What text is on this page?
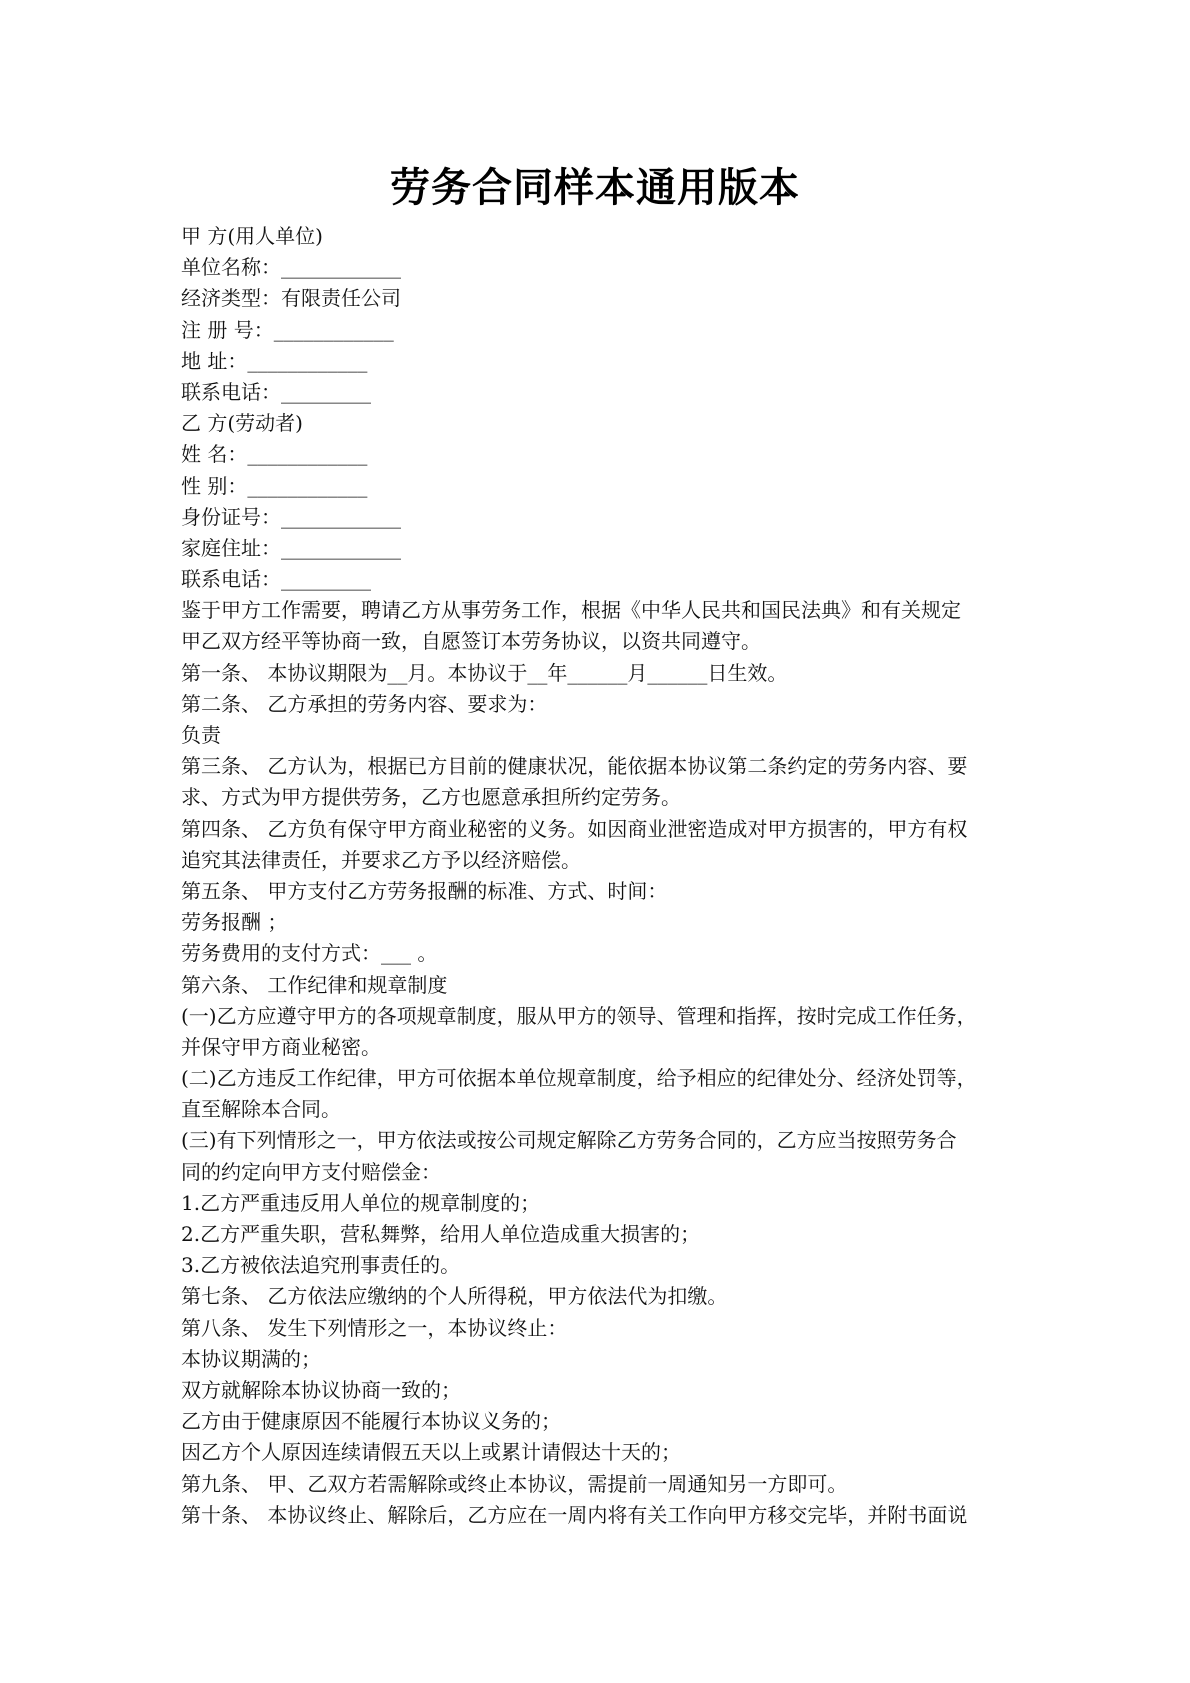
劳务合同样本通用版本
甲 方(用人单位)
单位名称：____________
经济类型：有限责任公司
注 册 号：____________
地 址：____________
联系电话：_________
乙 方(劳动者)
姓 名：____________
性 别：____________
身份证号：____________
家庭住址：____________
联系电话：_________
鉴于甲方工作需要，聘请乙方从事劳务工作，根据《中华人民共和国民法典》和有关规定
甲乙双方经平等协商一致，自愿签订本劳务协议，以资共同遵守。
第一条、 本协议期限为__月。本协议于__年______月______日生效。
第二条、 乙方承担的劳务内容、要求为：
负责
第三条、 乙方认为，根据已方目前的健康状况，能依据本协议第二条约定的劳务内容、要
求、方式为甲方提供劳务，乙方也愿意承担所约定劳务。
第四条、 乙方负有保守甲方商业秘密的义务。如因商业泄密造成对甲方损害的，甲方有权
追究其法律责任，并要求乙方予以经济赔偿。
第五条、 甲方支付乙方劳务报酬的标准、方式、时间：
劳务报酬 ；
劳务费用的支付方式：___ 。
第六条、 工作纪律和规章制度
(一)乙方应遵守甲方的各项规章制度，服从甲方的领导、管理和指挥，按时完成工作任务，
并保守甲方商业秘密。
(二)乙方违反工作纪律，甲方可依据本单位规章制度，给予相应的纪律处分、经济处罚等，
直至解除本合同。
(三)有下列情形之一，甲方依法或按公司规定解除乙方劳务合同的，乙方应当按照劳务合
同的约定向甲方支付赔偿金：
1.乙方严重违反用人单位的规章制度的；
2.乙方严重失职，营私舞弊，给用人单位造成重大损害的；
3.乙方被依法追究刑事责任的。
第七条、 乙方依法应缴纳的个人所得税，甲方依法代为扣缴。
第八条、 发生下列情形之一，本协议终止：
本协议期满的；
双方就解除本协议协商一致的；
乙方由于健康原因不能履行本协议义务的；
因乙方个人原因连续请假五天以上或累计请假达十天的；
第九条、 甲、乙双方若需解除或终止本协议，需提前一周通知另一方即可。
第十条、 本协议终止、解除后，乙方应在一周内将有关工作向甲方移交完毕，并附书面说
